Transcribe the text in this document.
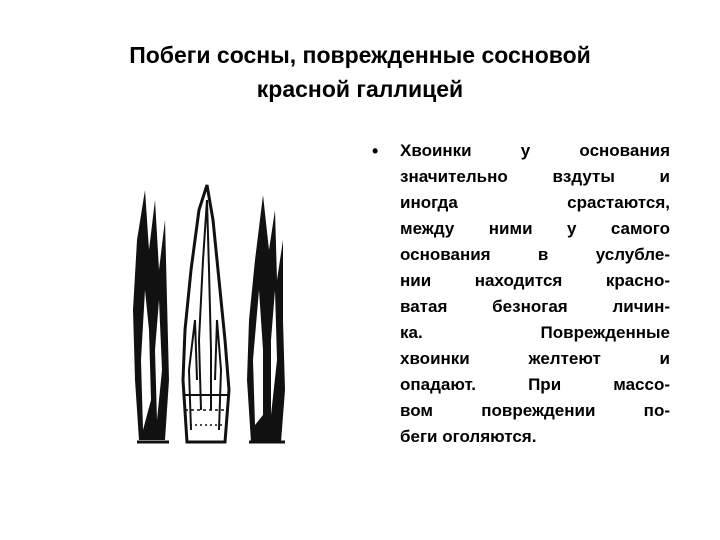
Побеги сосны, поврежденные сосновой
красной галлицей
• Хвоинки у основания
значительно вздуты и
иногда срастаются,
между ними у самого
основания в услубле-
нии находится красно-
ватая безногая личин-
ка. Поврежденные
хвоинки желтеют и
опадают. При массо-
вом повреждении по-
беги оголяются.
